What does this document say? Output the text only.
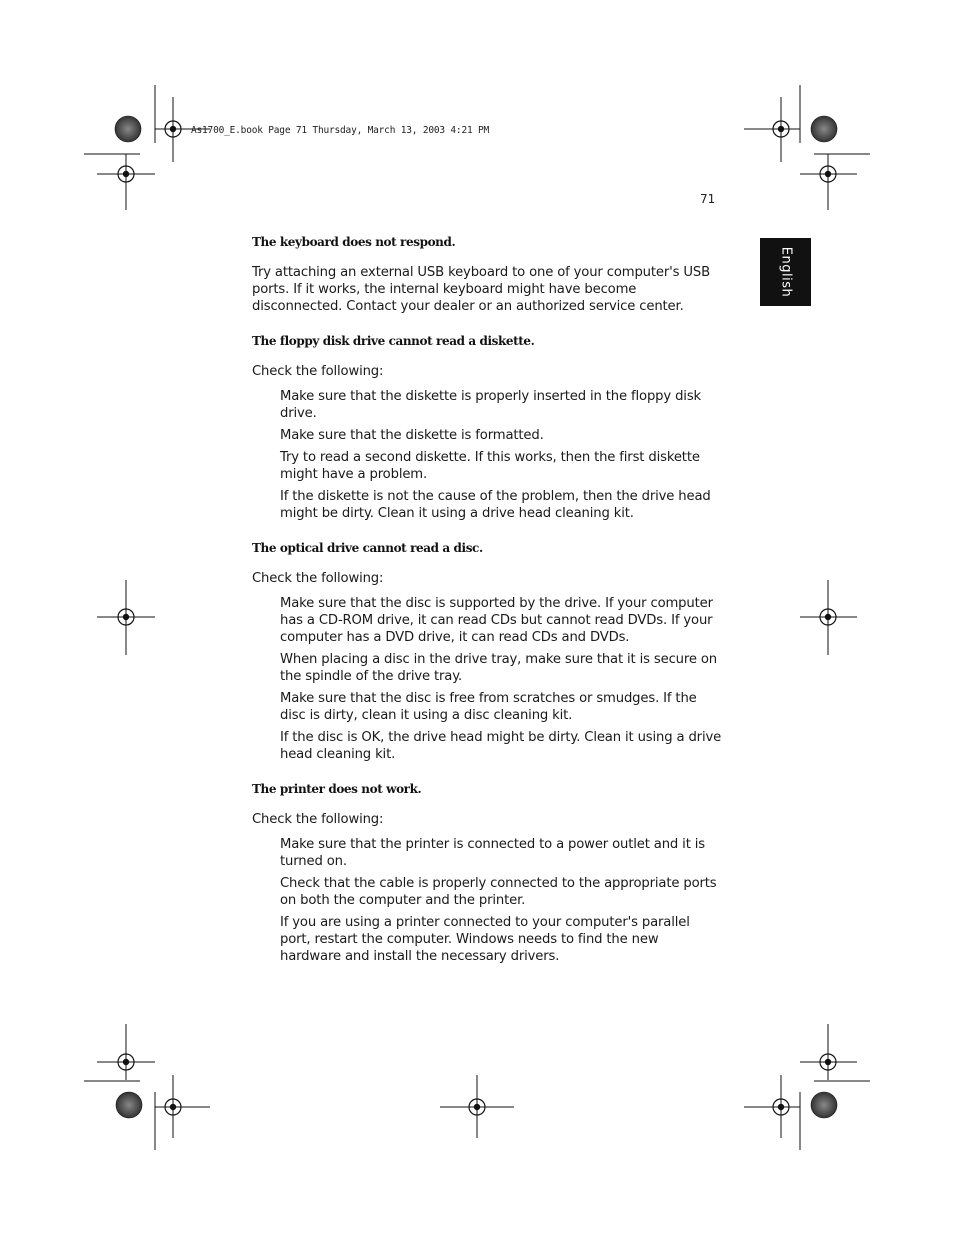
As1700_E.book Page 71 Thursday, March 13, 2003 4:21 PM
71
English

The keyboard does not respond.

Try attaching an external USB keyboard to one of your computer's USB ports. If it works, the internal keyboard might have become disconnected. Contact your dealer or an authorized service center.

The floppy disk drive cannot read a diskette.

Check the following:

Make sure that the diskette is properly inserted in the floppy disk drive.
Make sure that the diskette is formatted.
Try to read a second diskette. If this works, then the first diskette might have a problem.
If the diskette is not the cause of the problem, then the drive head might be dirty. Clean it using a drive head cleaning kit.

The optical drive cannot read a disc.

Check the following:

Make sure that the disc is supported by the drive. If your computer has a CD-ROM drive, it can read CDs but cannot read DVDs. If your computer has a DVD drive, it can read CDs and DVDs.
When placing a disc in the drive tray, make sure that it is secure on the spindle of the drive tray.
Make sure that the disc is free from scratches or smudges. If the disc is dirty, clean it using a disc cleaning kit.
If the disc is OK, the drive head might be dirty. Clean it using a drive head cleaning kit.

The printer does not work.

Check the following:

Make sure that the printer is connected to a power outlet and it is turned on.
Check that the cable is properly connected to the appropriate ports on both the computer and the printer.
If you are using a printer connected to your computer's parallel port, restart the computer. Windows needs to find the new hardware and install the necessary drivers.
